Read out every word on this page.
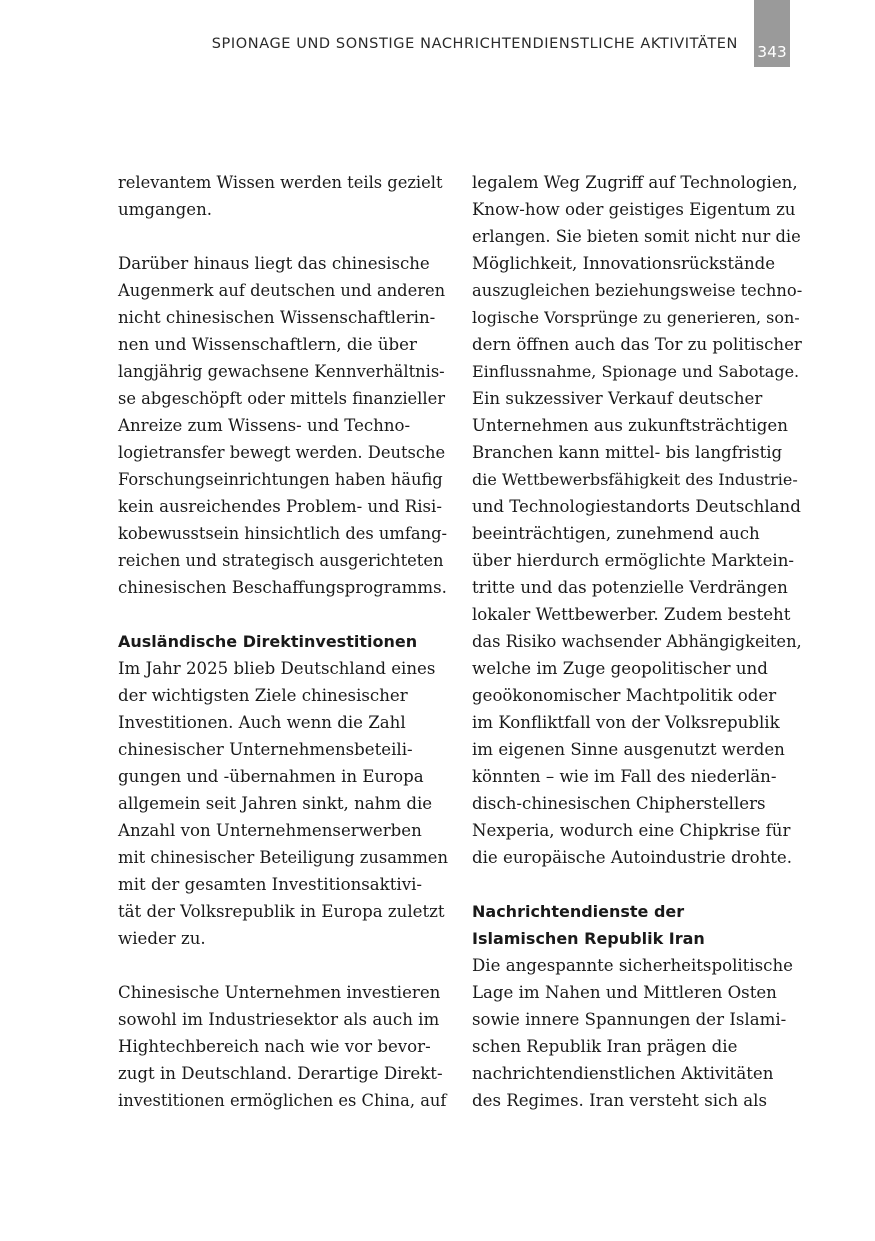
SPIONAGE UND SONSTIGE NACHRICHTENDIENSTLICHE AKTIVITÄTEN 343
relevantem Wissen werden teils gezielt
umgangen.
Darüber hinaus liegt das chinesische
Augenmerk auf deutschen und anderen
nicht chinesischen Wissenschaftlerin-
nen und Wissenschaftlern, die über
langjährig gewachsene Kennverhältnis-
se abgeschöpft oder mittels finanzieller
Anreize zum Wissens- und Techno-
logietransfer bewegt werden. Deutsche
Forschungseinrichtungen haben häufig
kein ausreichendes Problem- und Risi-
kobewusstsein hinsichtlich des umfang-
reichen und strategisch ausgerichteten
chinesischen Beschaffungsprogramms.
Ausländische Direktinvestitionen
Im Jahr 2025 blieb Deutschland eines
der wichtigsten Ziele chinesischer
Investitionen. Auch wenn die Zahl
chinesischer Unternehmensbeteili-
gungen und -übernahmen in Europa
allgemein seit Jahren sinkt, nahm die
Anzahl von Unternehmenserwerben
mit chinesischer Beteiligung zusammen
mit der gesamten Investitionsaktivi-
tät der Volksrepublik in Europa zuletzt
wieder zu.
Chinesische Unternehmen investieren
sowohl im Industriesektor als auch im
Hightechbereich nach wie vor bevor-
zugt in Deutschland. Derartige Direkt-
investitionen ermöglichen es China, auf
legalem Weg Zugriff auf Technologien,
Know-how oder geistiges Eigentum zu
erlangen. Sie bieten somit nicht nur die
Möglichkeit, Innovationsrückstände
auszugleichen beziehungsweise techno-
logische Vorsprünge zu generieren, son-
dern öffnen auch das Tor zu politischer
Einflussnahme, Spionage und Sabotage.
Ein sukzessiver Verkauf deutscher
Unternehmen aus zukunftsträchtigen
Branchen kann mittel- bis langfristig
die Wettbewerbsfähigkeit des Industrie-
und Technologiestandorts Deutschland
beeinträchtigen, zunehmend auch
über hierdurch ermöglichte Marktein-
tritte und das potenzielle Verdrängen
lokaler Wettbewerber. Zudem besteht
das Risiko wachsender Abhängigkeiten,
welche im Zuge geopolitischer und
geoökonomischer Machtpolitik oder
im Konfliktfall von der Volksrepublik
im eigenen Sinne ausgenutzt werden
könnten – wie im Fall des niederlän-
disch-chinesischen Chipherstellers
Nexperia, wodurch eine Chipkrise für
die europäische Autoindustrie drohte.
Nachrichtendienste der
Islamischen Republik Iran
Die angespannte sicherheitspolitische
Lage im Nahen und Mittleren Osten
sowie innere Spannungen der Islami-
schen Republik Iran prägen die
nachrichtendienstlichen Aktivitäten
des Regimes. Iran versteht sich als
